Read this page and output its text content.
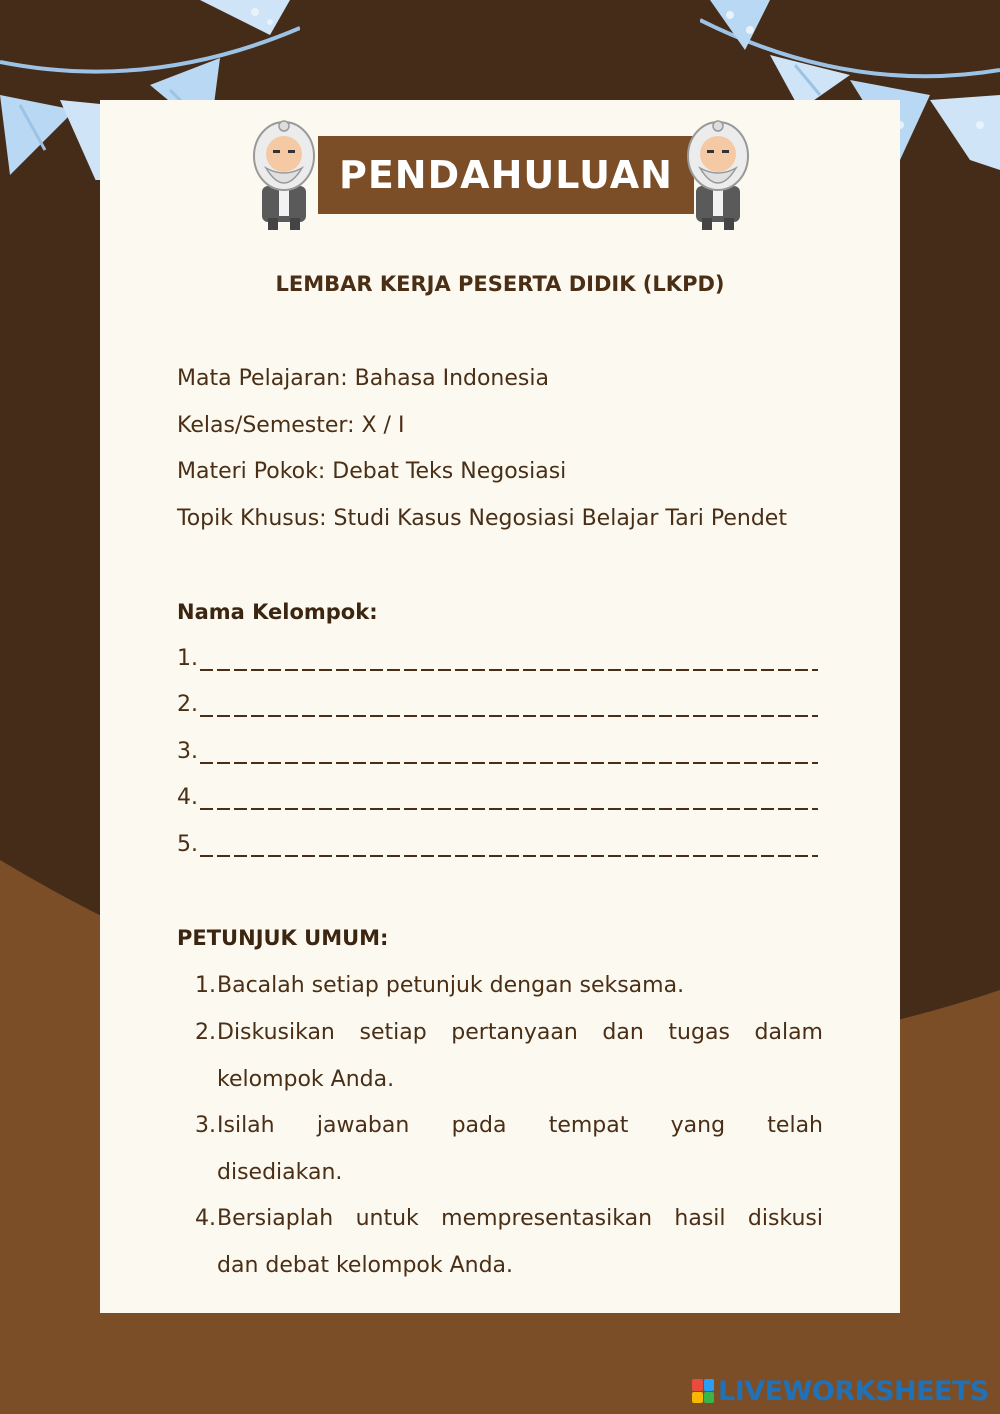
PENDAHULUAN
LEMBAR KERJA PESERTA DIDIK (LKPD)
Mata Pelajaran: Bahasa Indonesia
Kelas/Semester: X / I
Materi Pokok: Debat Teks Negosiasi
Topik Khusus: Studi Kasus Negosiasi Belajar Tari Pendet
Nama Kelompok:
1.
2.
3.
4.
5.
PETUNJUK UMUM:
1. Bacalah setiap petunjuk dengan seksama.
2. Diskusikan setiap pertanyaan dan tugas dalam
kelompok Anda.
3. Isilah jawaban pada tempat yang telah
disediakan.
4. Bersiaplah untuk mempresentasikan hasil diskusi
dan debat kelompok Anda.
LIVEWORKSHEETS
